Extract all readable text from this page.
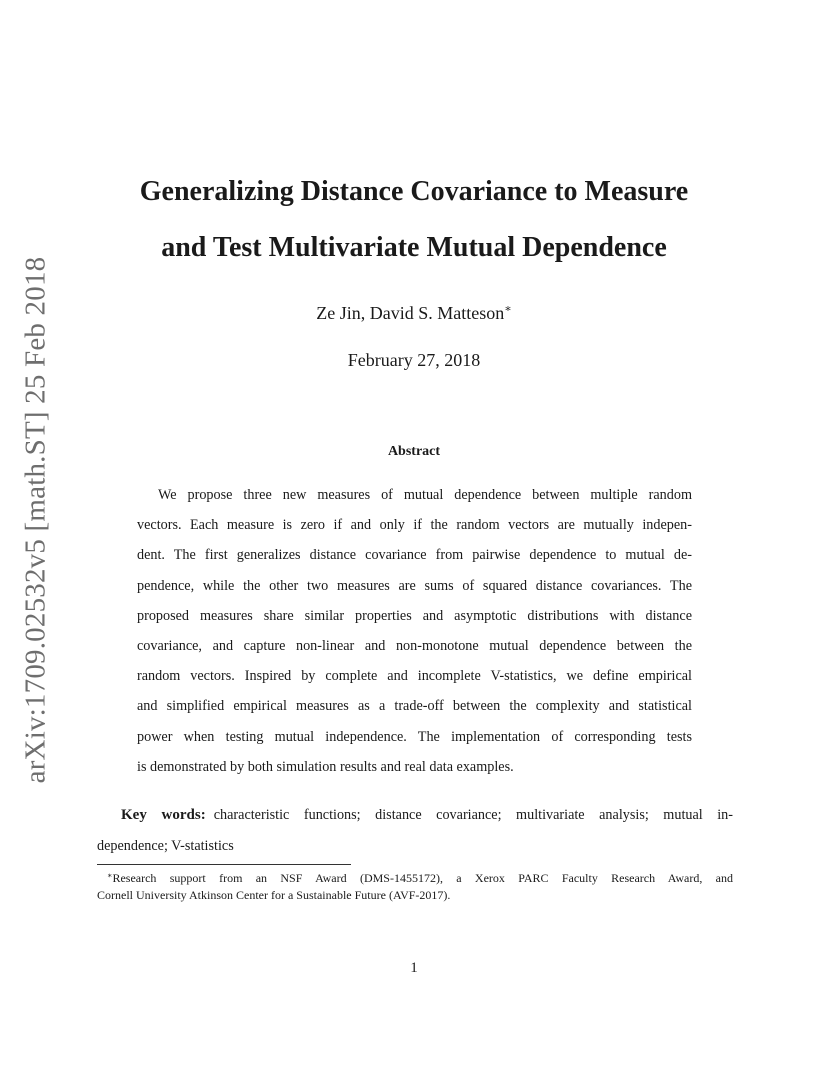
arXiv:1709.02532v5 [math.ST] 25 Feb 2018
Generalizing Distance Covariance to Measure
and Test Multivariate Mutual Dependence
Ze Jin, David S. Matteson∗
February 27, 2018
Abstract
We propose three new measures of mutual dependence between multiple random
vectors. Each measure is zero if and only if the random vectors are mutually indepen-
dent. The first generalizes distance covariance from pairwise dependence to mutual de-
pendence, while the other two measures are sums of squared distance covariances. The
proposed measures share similar properties and asymptotic distributions with distance
covariance, and capture non-linear and non-monotone mutual dependence between the
random vectors. Inspired by complete and incomplete V-statistics, we define empirical
and simplified empirical measures as a trade-off between the complexity and statistical
power when testing mutual independence. The implementation of corresponding tests
is demonstrated by both simulation results and real data examples.
Key words: characteristic functions; distance covariance; multivariate analysis; mutual in-
dependence; V-statistics
∗Research support from an NSF Award (DMS-1455172), a Xerox PARC Faculty Research Award, and
Cornell University Atkinson Center for a Sustainable Future (AVF-2017).
1
